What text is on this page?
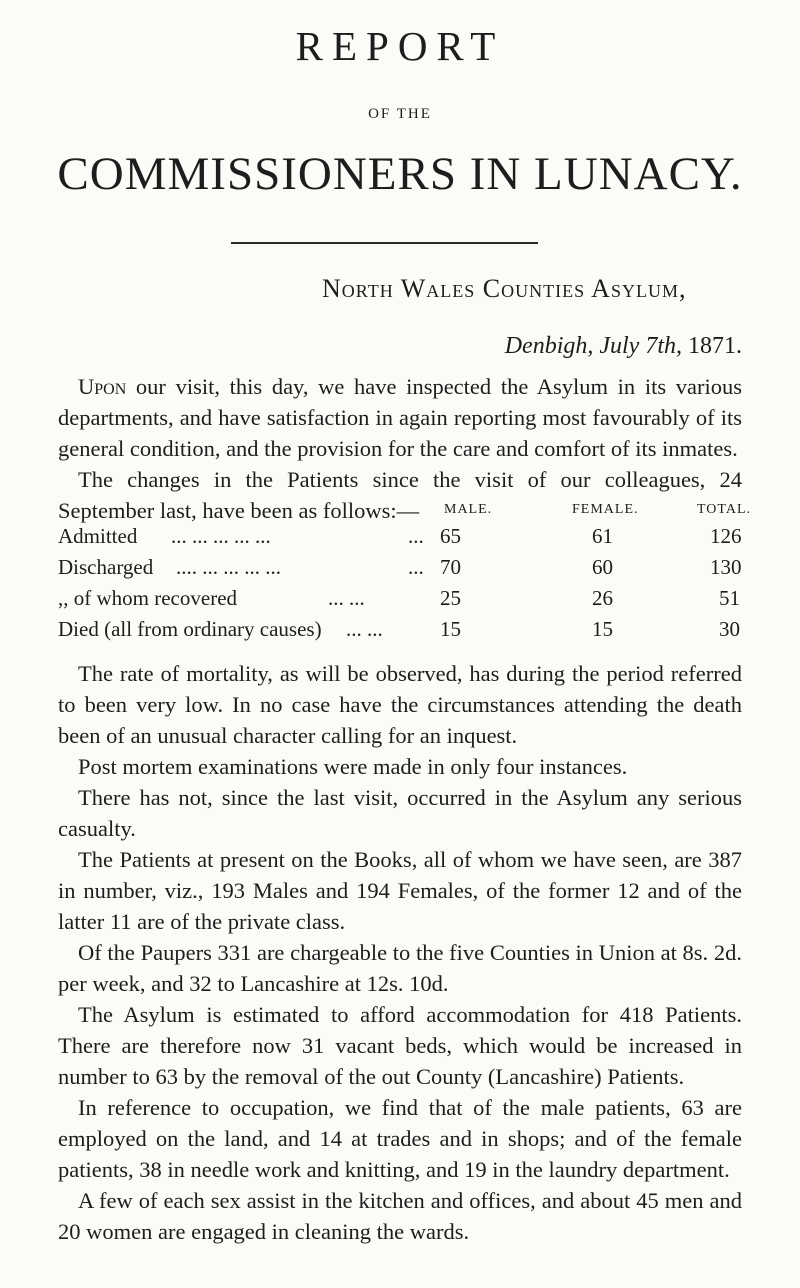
REPORT
OF THE
COMMISSIONERS IN LUNACY.
North Wales Counties Asylum,
Denbigh, July 7th, 1871.

Upon our visit, this day, we have inspected the Asylum in its various departments, and have satisfaction in again reporting most favourably of its general condition, and the provision for the care and comfort of its inmates.

The changes in the Patients since the visit of our colleagues, 24 September last, have been as follows:—	MALE.	FEMALE.	TOTAL.
Admitted ... ... ... ... ...	... 65	61	126
Discharged .... ... ... ... ...	... 70	60	130
,, of whom recovered	... ...	25	26	51
Died (all from ordinary causes) ... ...	15	15	30

The rate of mortality, as will be observed, has during the period referred to been very low. In no case have the circumstances attending the death been of an unusual character calling for an inquest.

Post mortem examinations were made in only four instances.

There has not, since the last visit, occurred in the Asylum any serious casualty.

The Patients at present on the Books, all of whom we have seen, are 387 in number, viz., 193 Males and 194 Females, of the former 12 and of the latter 11 are of the private class.

Of the Paupers 331 are chargeable to the five Counties in Union at 8s. 2d. per week, and 32 to Lancashire at 12s. 10d.

The Asylum is estimated to afford accommodation for 418 Patients. There are therefore now 31 vacant beds, which would be increased in number to 63 by the removal of the out County (Lancashire) Patients.

In reference to occupation, we find that of the male patients, 63 are employed on the land, and 14 at trades and in shops; and of the female patients, 38 in needle work and knitting, and 19 in the laundry department.

A few of each sex assist in the kitchen and offices, and about 45 men and 20 women are engaged in cleaning the wards.
